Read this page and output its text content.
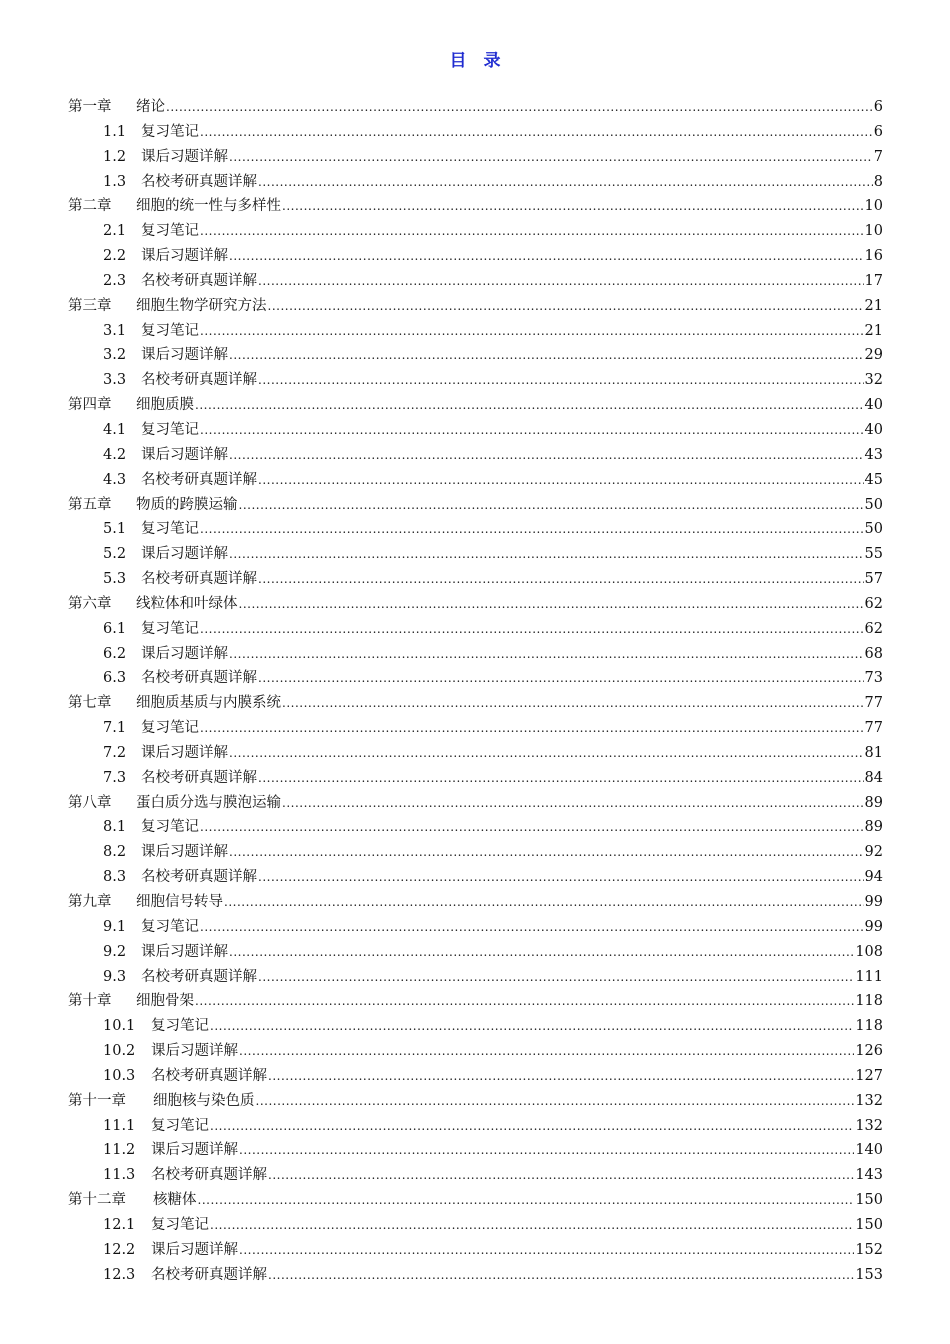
目　录
第一章	绪论 .....	6
1.1	复习笔记 .....	6
1.2	课后习题详解 .....	7
1.3	名校考研真题详解 .....	8
第二章	细胞的统一性与多样性 .....	10
2.1	复习笔记 .....	10
2.2	课后习题详解 .....	16
2.3	名校考研真题详解 .....	17
第三章	细胞生物学研究方法 .....	21
3.1	复习笔记 .....	21
3.2	课后习题详解 .....	29
3.3	名校考研真题详解 .....	32
第四章	细胞质膜 .....	40
4.1	复习笔记 .....	40
4.2	课后习题详解 .....	43
4.3	名校考研真题详解 .....	45
第五章	物质的跨膜运输 .....	50
5.1	复习笔记 .....	50
5.2	课后习题详解 .....	55
5.3	名校考研真题详解 .....	57
第六章	线粒体和叶绿体 .....	62
6.1	复习笔记 .....	62
6.2	课后习题详解 .....	68
6.3	名校考研真题详解 .....	73
第七章	细胞质基质与内膜系统 .....	77
7.1	复习笔记 .....	77
7.2	课后习题详解 .....	81
7.3	名校考研真题详解 .....	84
第八章	蛋白质分选与膜泡运输 .....	89
8.1	复习笔记 .....	89
8.2	课后习题详解 .....	92
8.3	名校考研真题详解 .....	94
第九章	细胞信号转导 .....	99
9.1	复习笔记 .....	99
9.2	课后习题详解 .....	108
9.3	名校考研真题详解 .....	111
第十章	细胞骨架 .....	118
10.1	复习笔记 .....	118
10.2	课后习题详解 .....	126
10.3	名校考研真题详解 .....	127
第十一章	细胞核与染色质 .....	132
11.1	复习笔记 .....	132
11.2	课后习题详解 .....	140
11.3	名校考研真题详解 .....	143
第十二章	核糖体 .....	150
12.1	复习笔记 .....	150
12.2	课后习题详解 .....	152
12.3	名校考研真题详解 .....	153
